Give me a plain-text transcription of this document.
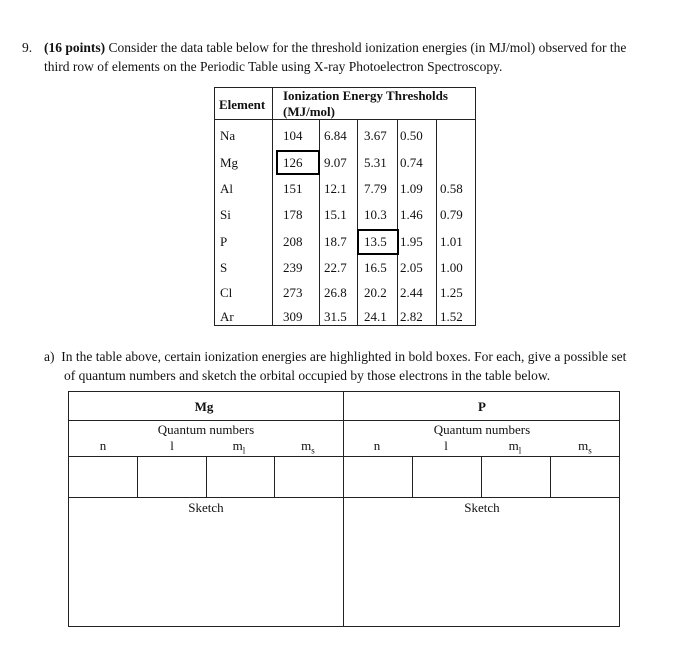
9. (16 points) Consider the data table below for the threshold ionization energies (in MJ/mol) observed for the
third row of elements on the Periodic Table using X-ray Photoelectron Spectroscopy.
Element
Ionization Energy Thresholds
(MJ/mol)
Na	104 6.84 3.67 0.50
Mg	126 9.07 5.31 0.74
Al	151 12.1 7.79 1.09 0.58
Si	178 15.1 10.3 1.46 0.79
P	208 18.7 13.5 1.95 1.01
S	239 22.7 16.5 2.05 1.00
Cl	273 26.8 20.2 2.44 1.25
Ar	309 31.5 24.1 2.82 1.52
a) In the table above, certain ionization energies are highlighted in bold boxes. For each, give a possible set
of quantum numbers and sketch the orbital occupied by those electrons in the table below.
Mg	P
Quantum numbers	Quantum numbers
n	l	$m_l$	$m_s$	n	l	$m_l$	$m_s$
Sketch	Sketch
